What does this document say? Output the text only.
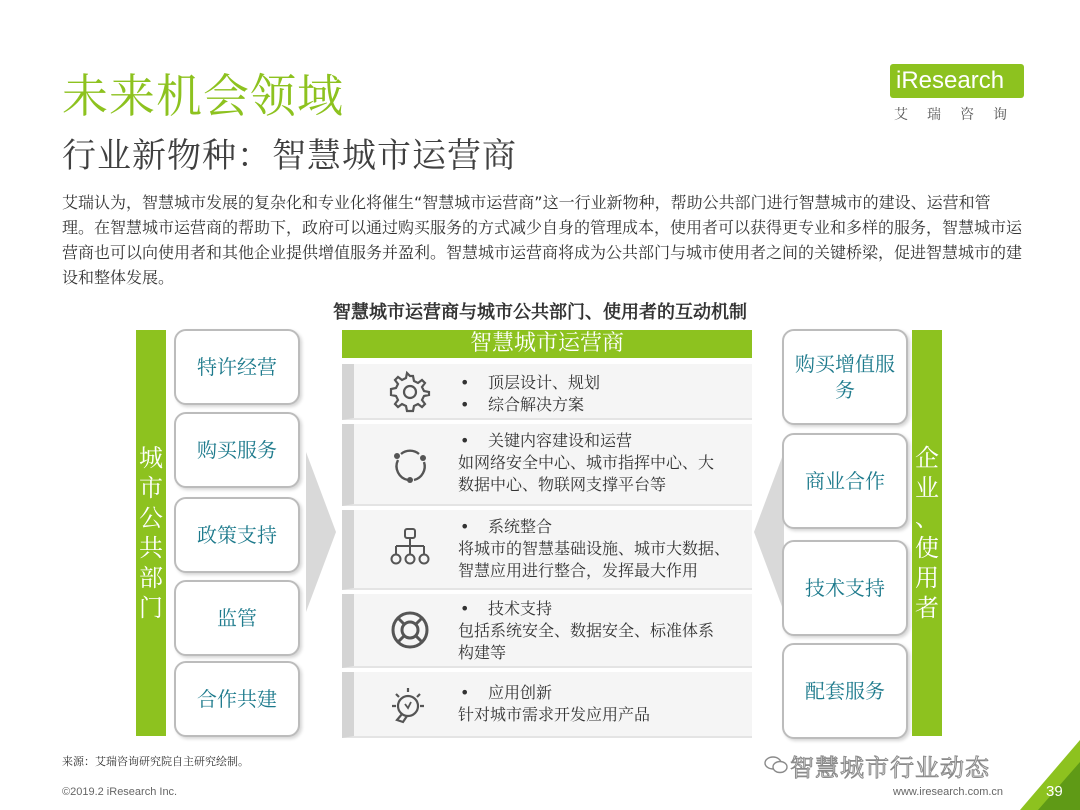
未来机会领域
行业新物种：智慧城市运营商
iResearch
艾瑞咨询
艾瑞认为，智慧城市发展的复杂化和专业化将催生“智慧城市运营商”这一行业新物种，帮助公共部门进行智慧城市的建设、运营和管理。在智慧城市运营商的帮助下，政府可以通过购买服务的方式减少自身的管理成本，使用者可以获得更专业和多样的服务，智慧城市运营商也可以向使用者和其他企业提供增值服务并盈利。智慧城市运营商将成为公共部门与城市使用者之间的关键桥梁，促进智慧城市的建设和整体发展。
智慧城市运营商与城市公共部门、使用者的互动机制
城
市
公
共
部
门
特许经营
购买服务
政策支持
监管
合作共建
智慧城市运营商
• 顶层设计、规划
• 综合解决方案
• 关键内容建设和运营
如网络安全中心、城市指挥中心、大
数据中心、物联网支撑平台等
• 系统整合
将城市的智慧基础设施、城市大数据、
智慧应用进行整合，发挥最大作用
• 技术支持
包括系统安全、数据安全、标准体系
构建等
• 应用创新
针对城市需求开发应用产品
购买增值服务
商业合作
技术支持
配套服务
企
业
、
使
用
者
来源：艾瑞咨询研究院自主研究绘制。
©2019.2 iResearch Inc.	www.iresearch.com.cn
智慧城市行业动态
39
